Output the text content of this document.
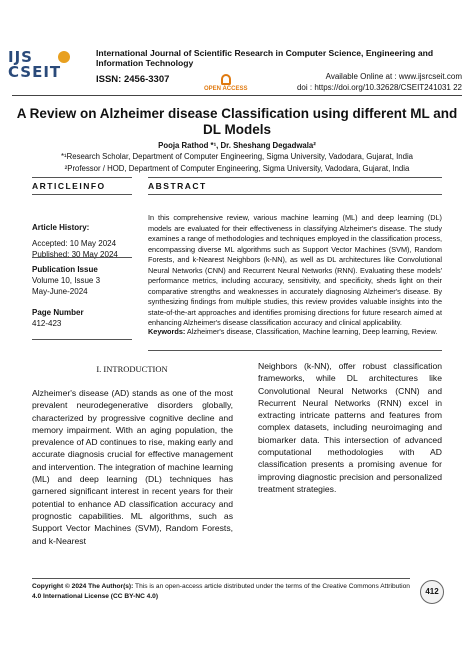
IJS
CSEIT
International Journal of Scientific Research in Computer Science, Engineering and Information Technology
ISSN: 2456-3307
OPEN ACCESS
Available Online at : www.ijsrcseit.com
doi : https://doi.org/10.32628/CSEIT241031 22
A Review on Alzheimer disease Classification using different ML and DL Models
Pooja Rathod *¹, Dr. Sheshang Degadwala²
*¹Research Scholar, Department of Computer Engineering, Sigma University, Vadodara, Gujarat, India
²Professor / HOD, Department of Computer Engineering, Sigma University, Vadodara, Gujarat, India
ARTICLEINFO	ABSTRACT
Article History:
Accepted: 10 May 2024
Published: 30 May 2024
Publication Issue
Volume 10, Issue 3
May-June-2024
Page Number
412-423
In this comprehensive review, various machine learning (ML) and deep learning (DL) models are evaluated for their effectiveness in classifying Alzheimer's disease. The study examines a range of methodologies and techniques employed in the classification process, encompassing diverse ML algorithms such as Support Vector Machines (SVM), Random Forests, and k-Nearest Neighbors (k-NN), as well as DL architectures like Convolutional Neural Networks (CNN) and Recurrent Neural Networks (RNN). Evaluating these models' performance metrics, including accuracy, sensitivity, and specificity, sheds light on their comparative strengths and weaknesses in accurately diagnosing Alzheimer's disease. By synthesizing findings from multiple studies, this review provides valuable insights into the state-of-the-art approaches and identifies promising directions for future research aimed at enhancing Alzheimer's disease classification accuracy and clinical applicability.
Keywords: Alzheimer's disease, Classification, Machine learning, Deep learning, Review.
I. INTRODUCTION
Alzheimer's disease (AD) stands as one of the most prevalent neurodegenerative disorders globally, characterized by progressive cognitive decline and memory impairment. With an aging population, the prevalence of AD continues to rise, making early and accurate diagnosis crucial for effective management and intervention. The integration of machine learning (ML) and deep learning (DL) techniques has garnered significant interest in recent years for their potential to enhance AD classification accuracy and prognostic capabilities. ML algorithms, such as Support Vector Machines (SVM), Random Forests, and k-Nearest
Neighbors (k-NN), offer robust classification frameworks, while DL architectures like Convolutional Neural Networks (CNN) and Recurrent Neural Networks (RNN) excel in extracting intricate patterns and features from complex datasets, including neuroimaging and biomarker data. This intersection of advanced computational methodologies with AD classification presents a promising avenue for improving diagnostic precision and personalized treatment strategies.
Copyright © 2024 The Author(s): This is an open-access article distributed under the terms of the Creative Commons Attribution 4.0 International License (CC BY-NC 4.0)
412
